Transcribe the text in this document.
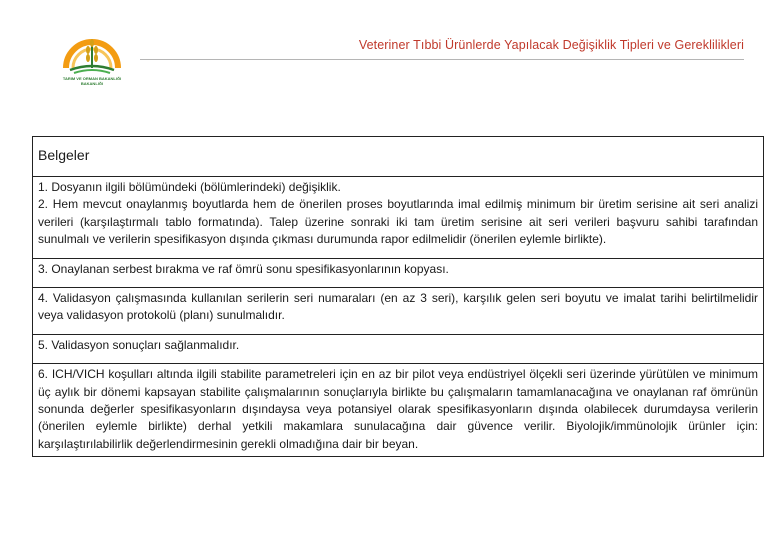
TARIM VE ORMAN BAKANLIĞI
BAKANLIĞI
Veteriner Tıbbi Ürünlerde Yapılacak Değişiklik Tipleri ve Gereklilikleri
Belgeler

1. Dosyanın ilgili bölümündeki (bölümlerindeki) değişiklik.
2. Hem mevcut onaylanmış boyutlarda hem de önerilen proses boyutlarında imal edilmiş minimum bir üretim serisine ait seri analizi verileri (karşılaştırmalı tablo formatında). Talep üzerine sonraki iki tam üretim serisine ait seri verileri başvuru sahibi tarafından sunulmalı ve verilerin spesifikasyon dışında çıkması durumunda rapor edilmelidir (önerilen eylemle birlikte).

3. Onaylanan serbest bırakma ve raf ömrü sonu spesifikasyonlarının kopyası.

4. Validasyon çalışmasında kullanılan serilerin seri numaraları (en az 3 seri), karşılık gelen seri boyutu ve imalat tarihi belirtilmelidir veya validasyon protokolü (planı) sunulmalıdır.

5. Validasyon sonuçları sağlanmalıdır.

6. ICH/VICH koşulları altında ilgili stabilite parametreleri için en az bir pilot veya endüstriyel ölçekli seri üzerinde yürütülen ve minimum üç aylık bir dönemi kapsayan stabilite çalışmalarının sonuçlarıyla birlikte bu çalışmaların tamamlanacağına ve onaylanan raf ömrünün sonunda değerler spesifikasyonların dışındaysa veya potansiyel olarak spesifikasyonların dışında olabilecek durumdaysa verilerin (önerilen eylemle birlikte) derhal yetkili makamlara sunulacağına dair güvence verilir. Biyolojik/immünolojik ürünler için: karşılaştırılabilirlik değerlendirmesinin gerekli olmadığına dair bir beyan.
